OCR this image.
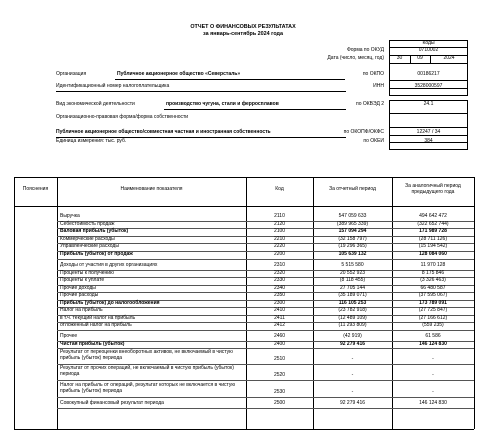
ОТЧЕТ О ФИНАНСОВЫХ РЕЗУЛЬТАТАХ
за январь-сентябрь 2024 года
Коды
Форма по ОКУД	0710002
Дата (число, месяц, год)	30	09	2024
Организация	Публичное акционерное общество «Северсталь»	по ОКПО	00186217
Идентификационный номер налогоплательщика	ИНН	3528000597
Вид экономической деятельности	производство чугуна, стали и ферросплавов	по ОКВЭД 2	24.1
Организационно-правовая форма/форма собственности
Публичное акционерное общество/совместная частная и иностранная собственность	по ОКОПФ/ОКФС	12247 / 34
Единица измерения: тыс. руб.	по ОКЕИ	384
Пояснения	Наименование показателя	Код	За отчетный период	За аналогичный период
предыдущего года
Выручка	2110	547 059 633	494 642 472
Себестоимость продаж	2120	(389 965 339)	(322 652 744)
Валовая прибыль (убыток)	2100	157 094 294	171 989 728
Коммерческие расходы	2210	(32 158 797)	(28 711 126)
Управленческие расходы	2220	(19 296 365)	(15 194 542)
Прибыль (убыток) от продаж	2200	105 639 132	128 084 060
Доходы от участия в других организациях	2310	5 515 580	11 970 128
Проценты к получению	2320	20 552 923	8 175 846
Проценты к уплате	2330	(8 118 455)	(3 326 463)
Прочие доходы	2340	27 705 144	66 480 587
Прочие расходы	2350	(35 189 071)	(37 595 067)
Прибыль (убыток) до налогообложения	2300	116 105 253	173 789 091
Налог на прибыль	2410	(23 782 918)	(27 725 847)
в т.ч. текущий налог на прибыль	2411	(12 489 109)	(27 166 612)
отложенный налог на прибыль	2412	(11 293 809)	(559 235)
Прочее	2460	(42 919)	61 586
Чистая прибыль (убыток)	2400	92 279 416	146 124 830
Результат от переоценки внеоборотных активов, не включаемый в чистую прибыль (убыток) периода	2510	-	-
Результат от прочих операций, не включаемый в чистую прибыль (убыток) периода	2520	-	-
Налог на прибыль от операций, результат которых не включается в чистую прибыль (убыток) периода	2530	-	-
Совокупный финансовый результат периода	2500	92 279 416	146 124 830
